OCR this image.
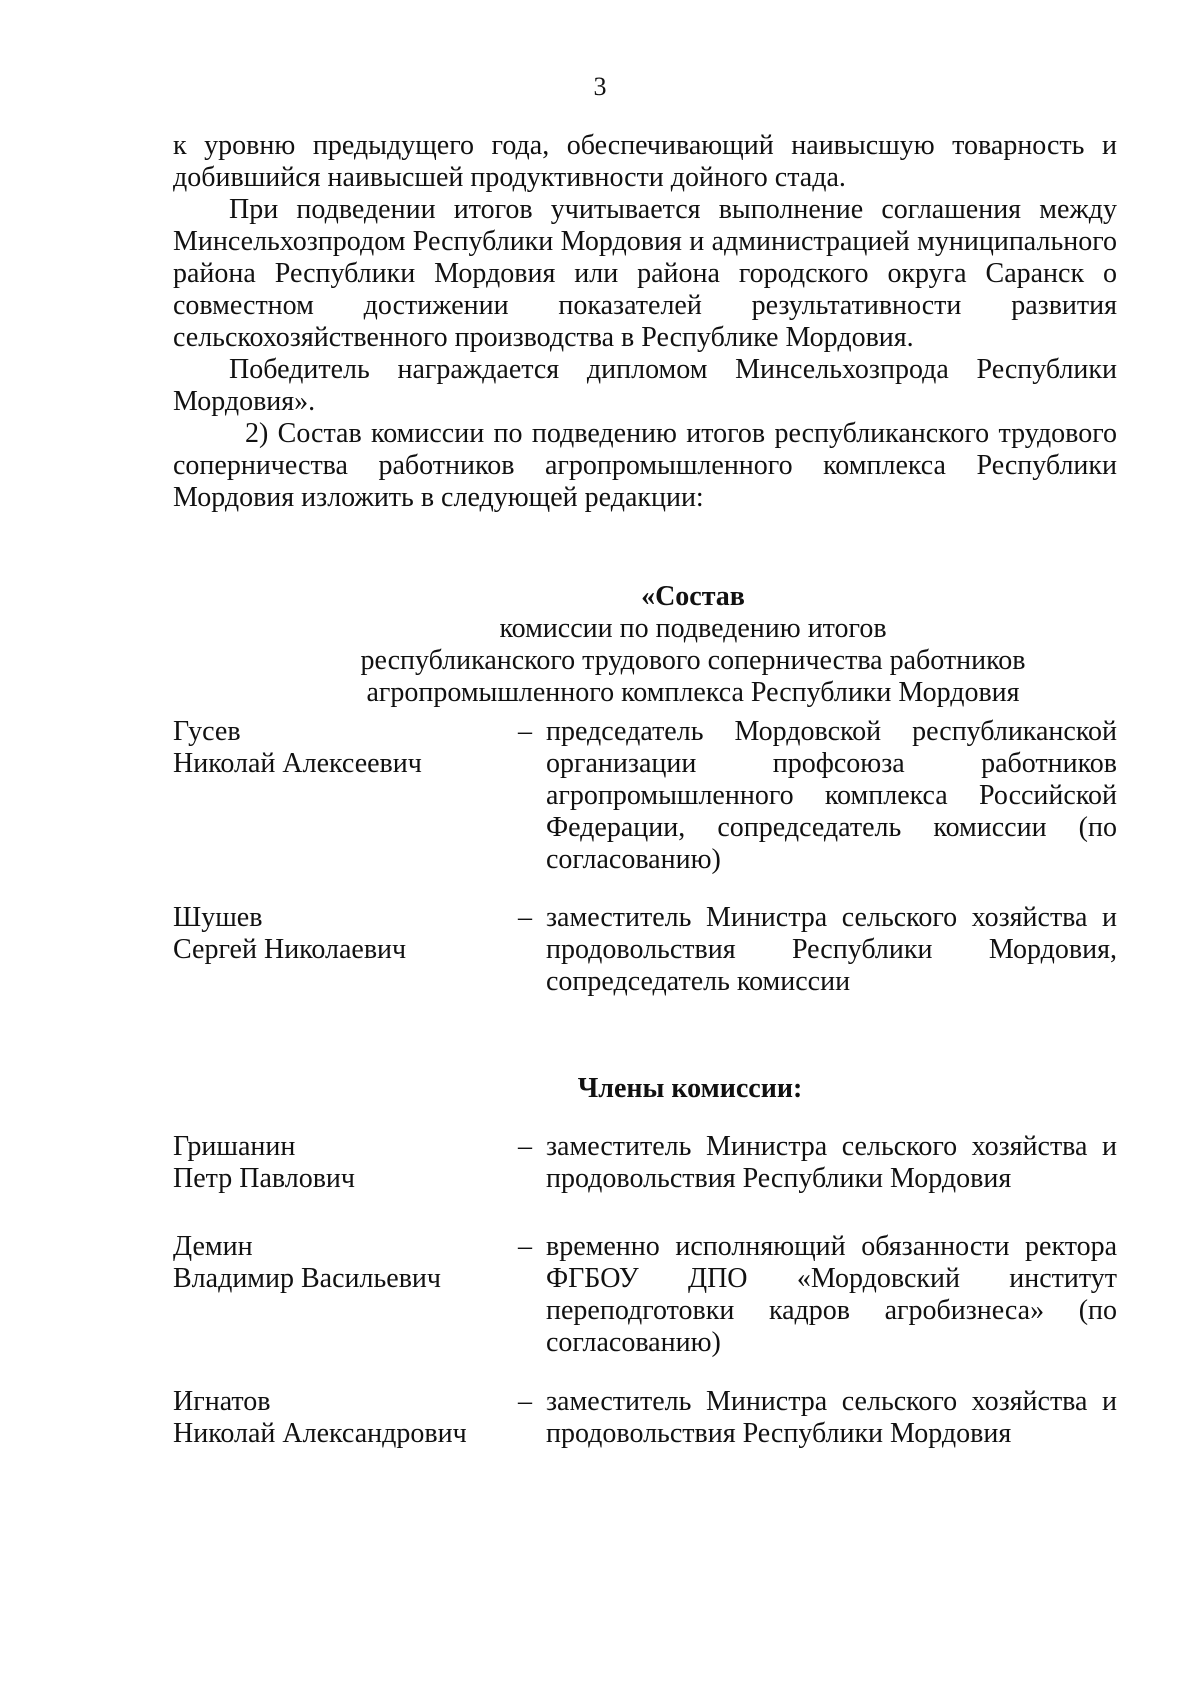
3

к уровню предыдущего года, обеспечивающий наивысшую товарность и добившийся наивысшей продуктивности дойного стада.

При подведении итогов учитывается выполнение соглашения между Минсельхозпродом Республики Мордовия и администрацией муниципального района Республики Мордовия или района городского округа Саранск о совместном достижении показателей результативности развития сельскохозяйственного производства в Республике Мордовия.

Победитель награждается дипломом Минсельхозпрода Республики Мордовия».

2) Состав комиссии по подведению итогов республиканского трудового соперничества работников агропромышленного комплекса Республики Мордовия изложить в следующей редакции:

«Состав
комиссии по подведению итогов
республиканского трудового соперничества работников
агропромышленного комплекса Республики Мордовия
Гусев
Николай Алексеевич
– председатель Мордовской республиканской организации профсоюза работников агропромышленного комплекса Российской Федерации, сопредседатель комиссии (по согласованию)
Шушев
Сергей Николаевич
– заместитель Министра сельского хозяйства и продовольствия Республики Мордовия, сопредседатель комиссии
Члены комиссии:
Гришанин
Петр Павлович
– заместитель Министра сельского хозяйства и продовольствия Республики Мордовия
Демин
Владимир Васильевич
– временно исполняющий обязанности ректора ФГБОУ ДПО «Мордовский институт переподготовки кадров агробизнеса» (по согласованию)
Игнатов
Николай Александрович
– заместитель Министра сельского хозяйства и продовольствия Республики Мордовия
